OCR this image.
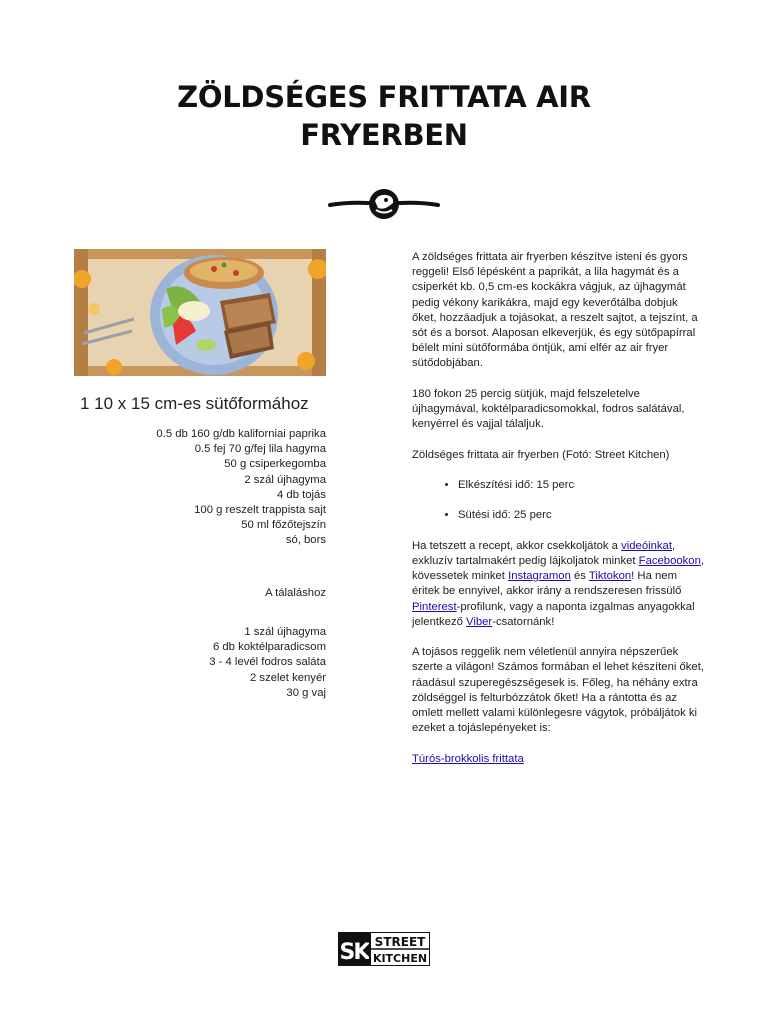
ZÖLDSÉGES FRITTATA AIR
FRYERBEN
1 10 x 15 cm-es sütőformához
0.5 db 160 g/db kaliforniai paprika
0.5 fej 70 g/fej lila hagyma
50 g csiperkegomba
2 szál újhagyma
4 db tojás
100 g reszelt trappista sajt
50 ml főzőtejszín
só, bors
A tálaláshoz
1 szál újhagyma
6 db koktélparadicsom
3 - 4 levél fodros saláta
2 szelet kenyér
30 g vaj

A zöldséges frittata air fryerben készítve isteni és gyors reggeli! Első lépésként a paprikát, a lila hagymát és a csiperkét kb. 0,5 cm-es kockákra vágjuk, az újhagymát pedig vékony karikákra, majd egy keverőtálba dobjuk őket, hozzáadjuk a tojásokat, a reszelt sajtot, a tejszínt, a sót és a borsot. Alaposan elkeverjük, és egy sütőpapírral bélelt mini sütőformába öntjük, ami elfér az air fryer sütődobjában.

180 fokon 25 percig sütjük, majd felszeletelve újhagymával, koktélparadicsomokkal, fodros salátával, kenyérrel és vajjal tálaljuk.

Zöldséges frittata air fryerben (Fotó: Street Kitchen)

• Elkészítési idő: 15 perc
• Sütési idő: 25 perc

Ha tetszett a recept, akkor csekkoljátok a videóinkat, exkluzív tartalmakért pedig lájkoljatok minket Facebookon, kövessetek minket Instagramon és Tiktokon! Ha nem éritek be ennyivel, akkor irány a rendszeresen frissülő Pinterest-profilunk, vagy a naponta izgalmas anyagokkal jelentkező Viber-csatornánk!

A tojásos reggelik nem véletlenül annyira népszerűek szerte a világon! Számos formában el lehet készíteni őket, ráadásul szuperegészségesek is. Főleg, ha néhány extra zöldséggel is felturbózzátok őket! Ha a rántotta és az omlett mellett valami különlegesre vágytok, próbáljátok ki ezeket a tojáslepényeket is:

Túrós-brokkolis frittata

SK STREET
KITCHEN
